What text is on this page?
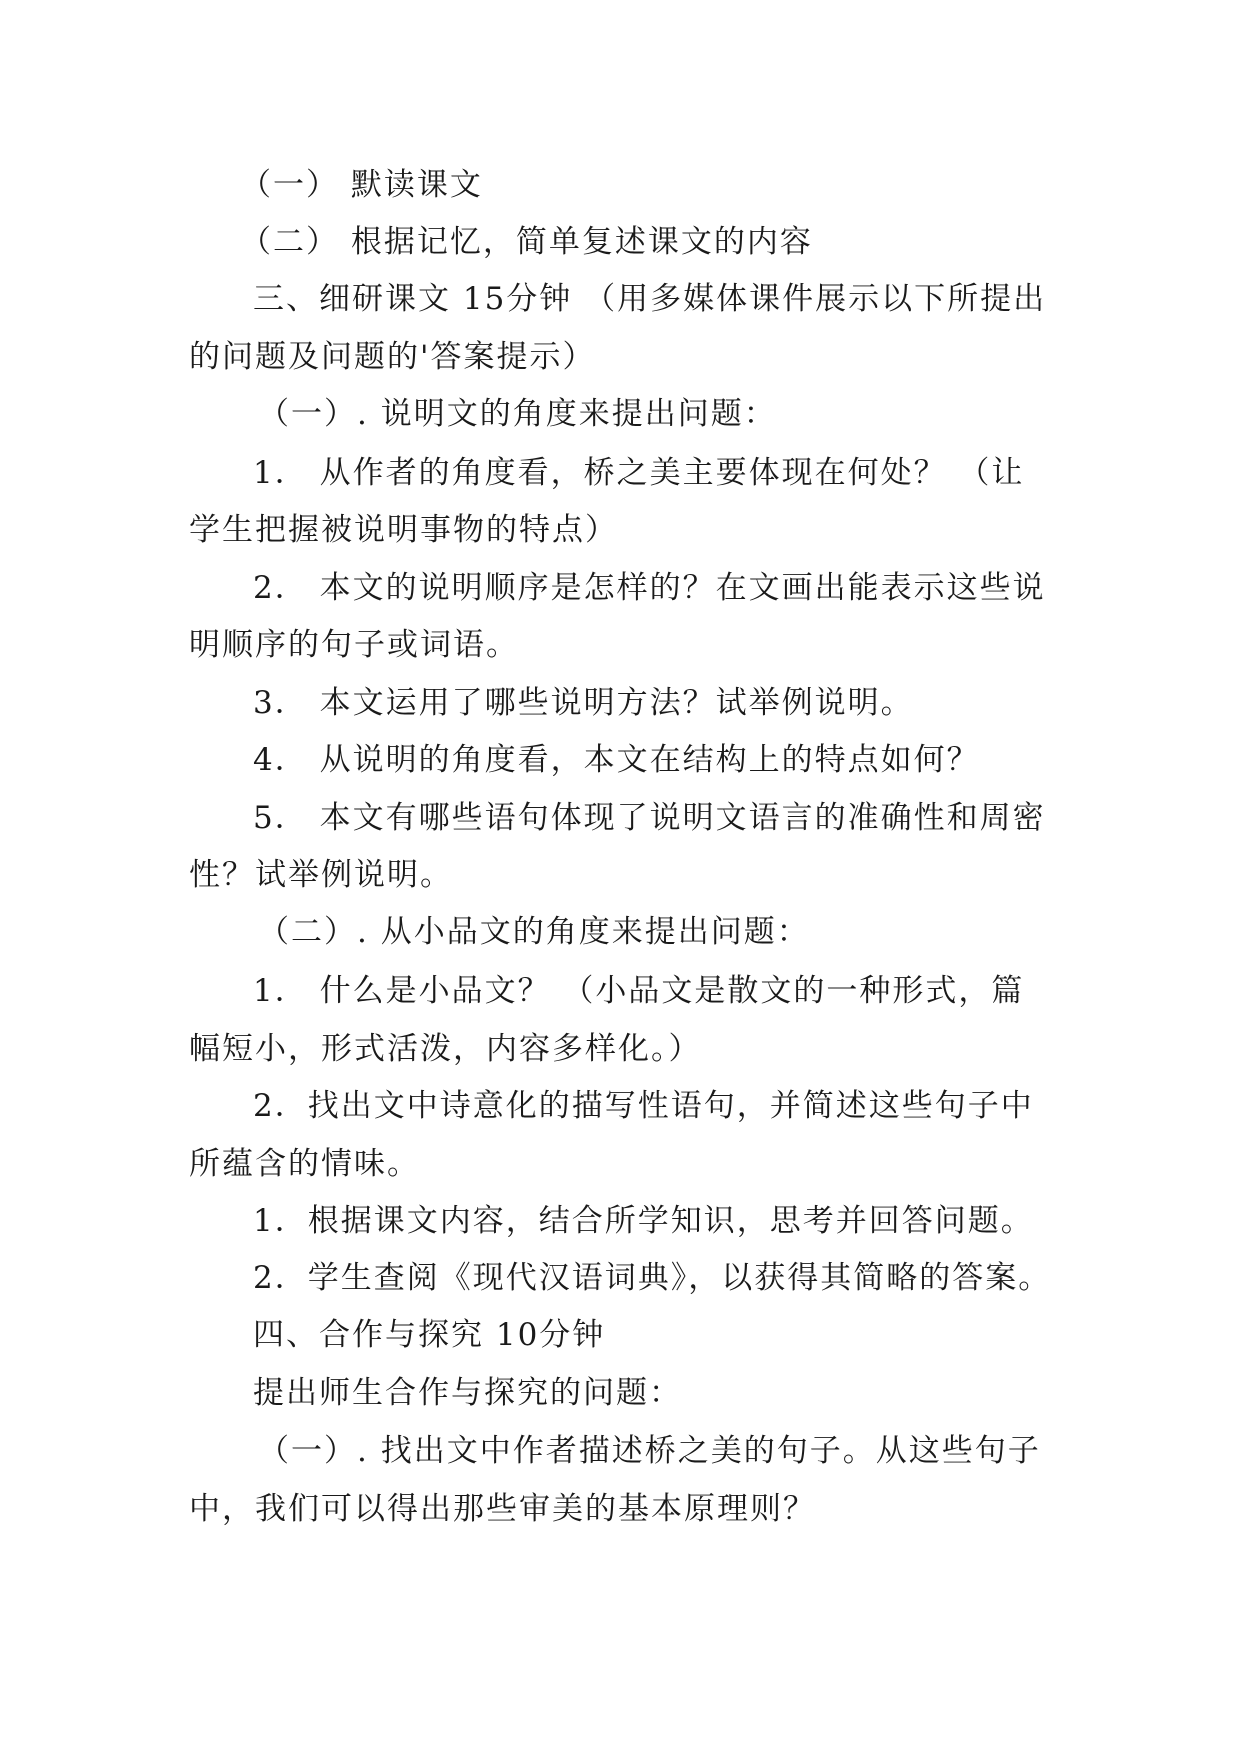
（一） 默读课文
（二） 根据记忆，简单复述课文的内容
三、细研课文 15分钟 （用多媒体课件展示以下所提出
的问题及问题的'答案提示）
（一）. 说明文的角度来提出问题：
1． 从作者的角度看，桥之美主要体现在何处？ （让
学生把握被说明事物的特点）
2． 本文的说明顺序是怎样的？在文画出能表示这些说
明顺序的句子或词语。
3． 本文运用了哪些说明方法？试举例说明。
4． 从说明的角度看，本文在结构上的特点如何？
5． 本文有哪些语句体现了说明文语言的准确性和周密
性？试举例说明。
（二）. 从小品文的角度来提出问题：
1． 什么是小品文？ （小品文是散文的一种形式，篇
幅短小，形式活泼，内容多样化。）
2．找出文中诗意化的描写性语句，并简述这些句子中
所蕴含的情味。
1．根据课文内容，结合所学知识，思考并回答问题。
2．学生查阅《现代汉语词典》，以获得其简略的答案。
四、合作与探究 10分钟
提出师生合作与探究的问题：
（一）. 找出文中作者描述桥之美的句子。从这些句子
中，我们可以得出那些审美的基本原理则？
